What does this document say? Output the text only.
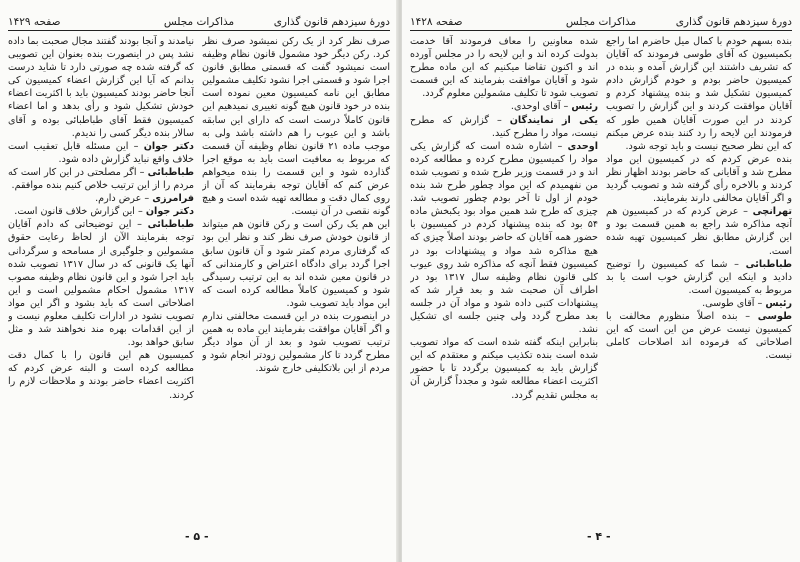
دورهٔ سیزدهم قانون گذاری
مذاکرات مجلس
صفحه ۱۴۲۹

صرف نظر کرد از یک رکن نمیشود صرف نظر کرد. رکن دیگر خود مشمول قانون نظام وظیفه است نمیشود گفت که قسمتی مطابق قانون اجرا شود و قسمتی اجرا نشود تکلیف مشمولین مطابق این نامه کمیسیون معین نموده است بنده در خود قانون هیچ گونه تغییری نمیدهیم این قانون کاملاً درست است که دارای این سابقه باشد و این عیوب را هم داشته باشد ولی به موجب ماده ۲۱ قانون نظام وظیفه آن قسمت که مربوط به معافیت است باید به موقع اجرا گذارده شود و این قسمت را بنده میخواهم عرض کنم که آقایان توجه بفرمایند که آن از روی کمال دقت و مطالعه تهیه شده است و هیچ گونه نقصی در آن نیست.

این هم یک رکن است و رکن قانون هم میتواند از قانون خودش صرف نظر کند و نظر این بود که گرفتاری مردم کمتر شود و آن قانون سابق اجرا گردد برای دادگاه اعتراض و کارمندانی که در قانون معین شده اند به این ترتیب رسیدگی شود و کمیسیون کاملاً مطالعه کرده است که این مواد باید تصویب شود.

در اینصورت بنده در این قسمت مخالفتی ندارم و اگر آقایان موافقت بفرمایند این ماده به همین ترتیب تصویب شود و بعد از آن مواد دیگر مطرح گردد تا کار مشمولین زودتر انجام شود و مردم از این بلاتکلیفی خارج شوند.

نیامدند و آنجا بودند گفتند مجال صحبت بما داده نشد پس در اینصورت بنده بعنوان این تصویبی که گرفته شده چه صورتی دارد تا شاید درست بدانم که آیا این گزارش اعضاء کمیسیون کی آنجا حاضر بودند کمیسیون باید با اکثریت اعضاء خودش تشکیل شود و رأی بدهد و اما اعضاء کمیسیون فقط آقای طباطبائی بوده و آقای سالار بنده دیگر کسی را ندیدم.

دکتر جوان – این مسئله قابل تعقیب است خلاف واقع نباید گزارش داده شود.

طباطبائی – اگر مصلحتی در این کار است که مردم را از این ترتیب خلاص کنیم بنده موافقم.

فرامرزی – عرض دارم.

دکتر جوان – این گزارش خلاف قانون است.

طباطبائی – این توضیحاتی که دادم آقایان توجه بفرمایند الآن از لحاظ رعایت حقوق مشمولین و جلوگیری از مسامحه و سرگردانی آنها یک قانونی که در سال ۱۳۱۷ تصویب شده باید اجرا شود و این قانون نظام وظیفه مصوب ۱۳۱۷ مشمول احکام مشمولین است و این اصلاحاتی است که باید بشود و اگر این مواد تصویب نشود در ادارات تکلیف معلوم نیست و از این اقدامات بهره مند نخواهند شد و مثل سابق خواهد بود.

کمیسیون هم این قانون را با کمال دقت مطالعه کرده است و البته عرض کردم که اکثریت اعضاء حاضر بودند و ملاحظات لازم را کردند.

- ۵ -
دورهٔ سیزدهم قانون گذاری
مذاکرات مجلس
صفحه ۱۴۲۸

بنده بسهم خودم با کمال میل حاضرم اما راجع بکمیسیون که آقای طوسی فرمودند که آقایان که تشریف داشتند این گزارش آمده و بنده در کمیسیون حاضر بودم و خودم گزارش دادم کمیسیون تشکیل شد و بنده پیشنهاد کردم و آقایان موافقت کردند و این گزارش را تصویب کردند در این صورت آقایان همین طور که فرمودند این لایحه را رد کنند بنده عرض میکنم که این نظر صحیح نیست و باید توجه شود.

بنده عرض کردم که در کمیسیون این مواد مطرح شد و آقایانی که حاضر بودند اظهار نظر کردند و بالاخره رأی گرفته شد و تصویب گردید و اگر آقایان مخالفی دارند بفرمایند.

تهرانچی – عرض کردم که در کمیسیون هم آنچه مذاکره شد راجع به همین قسمت بود و این گزارش مطابق نظر کمیسیون تهیه شده است.

طباطبائی – شما که کمیسیون را توضیح دادید و اینکه این گزارش خوب است یا بد مربوط به کمیسیون است.

رئیس – آقای طوسی.

طوسی – بنده اصلاً منظورم مخالفت با کمیسیون نیست عرض من این است که این اصلاحاتی که فرموده اند اصلاحات کاملی نیست.

شده معاونین را معاف فرمودند آقا خدمت بدولت کرده اند و این لایحه را در مجلس آورده اند و اکنون تقاضا میکنیم که این ماده مطرح شود و آقایان موافقت بفرمایند که این قسمت تصویب شود تا تکلیف مشمولین معلوم گردد.

رئیس – آقای اوحدی.

یکی از نمایندگان – گزارش که مطرح نیست، مواد را مطرح کنید.

اوحدی – اشاره شده است که گزارش یکی مواد را کمیسیون مطرح کرده و مطالعه کرده اند و در قسمت وزیر طرح شده و تصویب شده من نفهمیدم که این مواد چطور طرح شد بنده خودم از اول تا آخر بودم چطور تصویب شد. چیزی که طرح شد همین مواد بود یکبخش ماده ۵۴ بود که بنده پیشنهاد کردم در کمیسیون با حضور همه آقایان که حاضر بودند اصلاً چیزی که هیچ مذاکره شد مواد و پیشنهادات بود در کمیسیون فقط آنچه که مذاکره شد روی عیوب کلی قانون نظام وظیفه سال ۱۳۱۷ بود در اطراف آن صحبت شد و بعد قرار شد که پیشنهادات کتبی داده شود و مواد آن در جلسه بعد مطرح گردد ولی چنین جلسه ای تشکیل نشد.

بنابراین اینکه گفته شده است که مواد تصویب شده است بنده تکذیب میکنم و معتقدم که این گزارش باید به کمیسیون برگردد تا با حضور اکثریت اعضاء مطالعه شود و مجدداً گزارش آن به مجلس تقدیم گردد.

- ۴ -
